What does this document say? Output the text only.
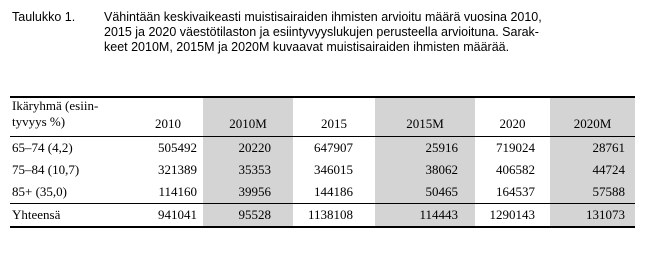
Taulukko 1. Vähintään keskivaikeasti muistisairaiden ihmisten arvioitu määrä vuosina 2010,
2015 ja 2020 väestötilaston ja esiintyvyyslukujen perusteella arvioituna. Sarak-
keet 2010M, 2015M ja 2020M kuvaavat muistisairaiden ihmisten määrää.
Ikäryhmä (esiin-
tyvyys %)	2010	2010M	2015	2015M	2020	2020M
65–74 (4,2)	505492	20220	647907	25916	719024	28761
75–84 (10,7)	321389	35353	346015	38062	406582	44724
85+ (35,0)	114160	39956	144186	50465	164537	57588
Yhteensä	941041	95528	1138108	114443	1290143	131073
